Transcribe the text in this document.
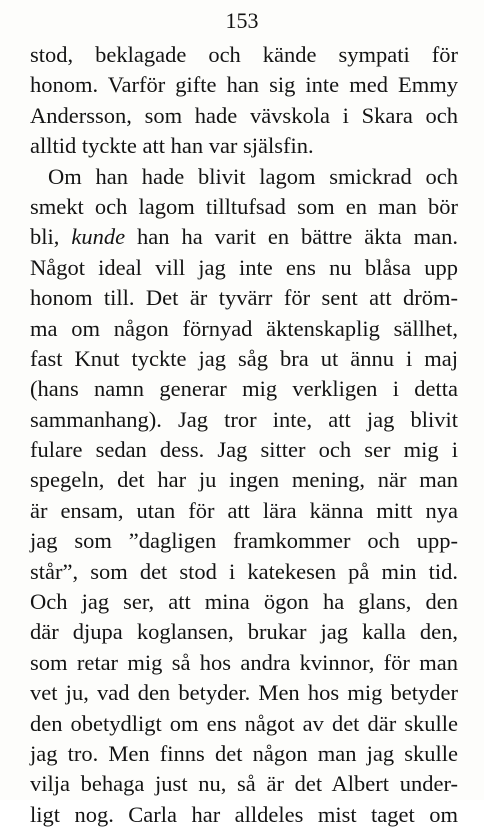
153
stod, beklagade och kände sympati för
honom. Varför gifte han sig inte med Emmy
Andersson, som hade vävskola i Skara och
alltid tyckte att han var själsfin.
Om han hade blivit lagom smickrad och
smekt och lagom tilltufsad som en man bör
bli, kunde han ha varit en bättre äkta man.
Något ideal vill jag inte ens nu blåsa upp
honom till. Det är tyvärr för sent att dröm-
ma om någon förnyad äktenskaplig sällhet,
fast Knut tyckte jag såg bra ut ännu i maj
(hans namn generar mig verkligen i detta
sammanhang). Jag tror inte, att jag blivit
fulare sedan dess. Jag sitter och ser mig i
spegeln, det har ju ingen mening, när man
är ensam, utan för att lära känna mitt nya
jag som ”dagligen framkommer och upp-
står”, som det stod i katekesen på min tid.
Och jag ser, att mina ögon ha glans, den
där djupa koglansen, brukar jag kalla den,
som retar mig så hos andra kvinnor, för man
vet ju, vad den betyder. Men hos mig betyder
den obetydligt om ens något av det där skulle
jag tro. Men finns det någon man jag skulle
vilja behaga just nu, så är det Albert under-
ligt nog. Carla har alldeles mist taget om
